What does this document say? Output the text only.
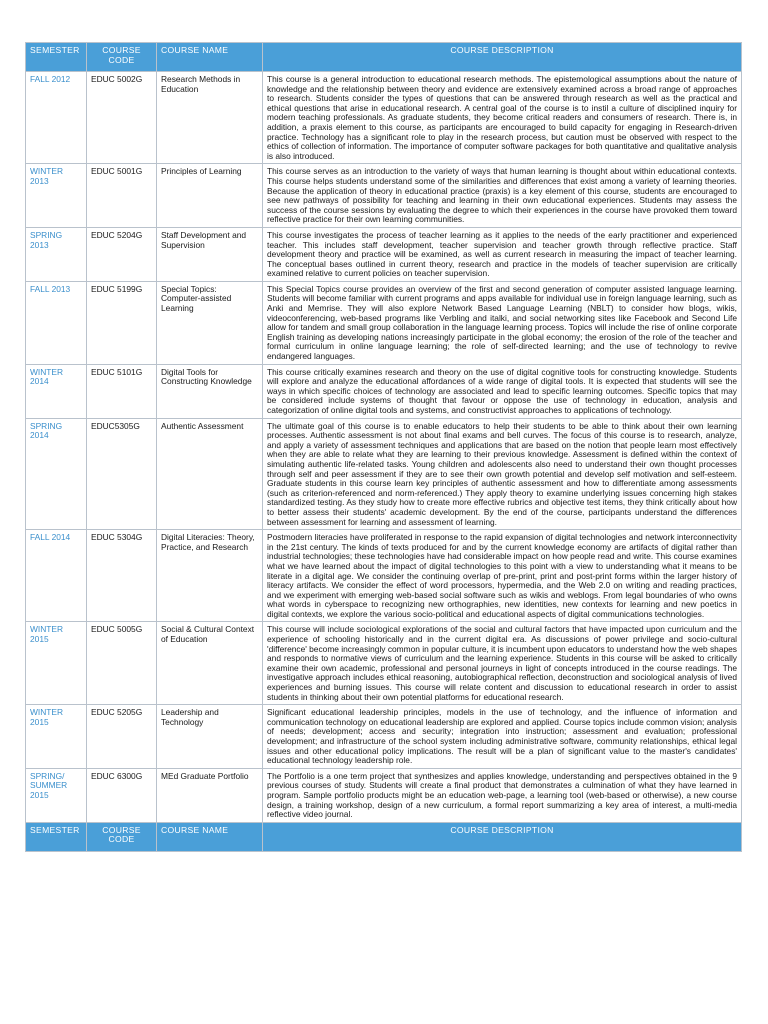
SEMESTER	COURSE CODE	COURSE NAME	COURSE DESCRIPTION
FALL 2012	EDUC 5002G	Research Methods in Education	This course is a general introduction to educational research methods. The epistemological assumptions about the nature of knowledge and the relationship between theory and evidence are extensively examined across a broad range of approaches to research. Students consider the types of questions that can be answered through research as well as the practical and ethical questions that arise in educational research. A central goal of the course is to instil a culture of disciplined inquiry for modern teaching professionals. As graduate students, they become critical readers and consumers of research. There is, in addition, a praxis element to this course, as participants are encouraged to build capacity for engaging in Research-driven practice. Technology has a significant role to play in the research process, but caution must be observed with respect to the ethics of collection of information. The importance of computer software packages for both quantitative and qualitative analysis is also introduced.
WINTER 2013	EDUC 5001G	Principles of Learning	This course serves as an introduction to the variety of ways that human learning is thought about within educational contexts. This course helps students understand some of the similarities and differences that exist among a variety of learning theories. Because the application of theory in educational practice (praxis) is a key element of this course, students are encouraged to see new pathways of possibility for teaching and learning in their own educational experiences. Students may assess the success of the course sessions by evaluating the degree to which their experiences in the course have provoked them toward reflective practice for their own learning communities.
SPRING 2013	EDUC 5204G	Staff Development and Supervision	This course investigates the process of teacher learning as it applies to the needs of the early practitioner and experienced teacher. This includes staff development, teacher supervision and teacher growth through reflective practice. Staff development theory and practice will be examined, as well as current research in measuring the impact of teacher learning. The conceptual bases outlined in current theory, research and practice in the models of teacher supervision are critically examined relative to current policies on teacher supervision.
FALL 2013	EDUC 5199G	Special Topics: Computer-assisted Learning	This Special Topics course provides an overview of the first and second generation of computer assisted language learning. Students will become familiar with current programs and apps available for individual use in foreign language learning, such as Anki and Memrise. They will also explore Network Based Language Learning (NBLT) to consider how blogs, wikis, videoconferencing, web-based programs like Verbling and italki, and social networking sites like Facebook and Second Life allow for tandem and small group collaboration in the language learning process. Topics will include the rise of online corporate English training as developing nations increasingly participate in the global economy; the erosion of the role of the teacher and formal curriculum in online language learning; the role of self-directed learning; and the use of technology to revive endangered languages.
WINTER 2014	EDUC 5101G	Digital Tools for Constructing Knowledge	This course critically examines research and theory on the use of digital cognitive tools for constructing knowledge. Students will explore and analyze the educational affordances of a wide range of digital tools. It is expected that students will see the ways in which specific choices of technology are associated and lead to specific learning outcomes. Specific topics that may be considered include systems of thought that favour or oppose the use of technology in education, analysis and categorization of online digital tools and systems, and constructivist approaches to applications of technology.
SPRING 2014	EDUC5305G	Authentic Assessment	The ultimate goal of this course is to enable educators to help their students to be able to think about their own learning processes. Authentic assessment is not about final exams and bell curves. The focus of this course is to research, analyze, and apply a variety of assessment techniques and applications that are based on the notion that people learn most effectively when they are able to relate what they are learning to their previous knowledge. Assessment is defined within the context of simulating authentic life-related tasks. Young children and adolescents also need to understand their own thought processes through self and peer assessment if they are to see their own growth potential and develop self motivation and self-esteem. Graduate students in this course learn key principles of authentic assessment and how to differentiate among assessments (such as criterion-referenced and norm-referenced.) They apply theory to examine underlying issues concerning high stakes standardized testing. As they study how to create more effective rubrics and objective test items, they think critically about how to better assess their students' academic development. By the end of the course, participants understand the differences between assessment for learning and assessment of learning.
FALL 2014	EDUC 5304G	Digital Literacies: Theory, Practice, and Research	Postmodern literacies have proliferated in response to the rapid expansion of digital technologies and network interconnectivity in the 21st century. The kinds of texts produced for and by the current knowledge economy are artifacts of digital rather than industrial technologies; these technologies have had considerable impact on how people read and write. This course examines what we have learned about the impact of digital technologies to this point with a view to understanding what it means to be literate in a digital age. We consider the continuing overlap of pre-print, print and post-print forms within the larger history of literacy artifacts. We consider the effect of word processors, hypermedia, and the Web 2.0 on writing and reading practices, and we experiment with emerging web-based social software such as wikis and weblogs. From legal boundaries of who owns what words in cyberspace to recognizing new orthographies, new identities, new contexts for learning and new poetics in digital contexts, we explore the various socio-political and educational aspects of digital communications technologies.
WINTER 2015	EDUC 5005G	Social & Cultural Context of Education	This course will include sociological explorations of the social and cultural factors that have impacted upon curriculum and the experience of schooling historically and in the current digital era. As discussions of power privilege and socio-cultural 'difference' become increasingly common in popular culture, it is incumbent upon educators to understand how the web shapes and responds to normative views of curriculum and the learning experience. Students in this course will be asked to critically examine their own academic, professional and personal journeys in light of concepts introduced in the course readings. The investigative approach includes ethical reasoning, autobiographical reflection, deconstruction and sociological analysis of lived experiences and burning issues. This course will relate content and discussion to educational research in order to assist students in thinking about their own potential platforms for educational research.
WINTER 2015	EDUC 5205G	Leadership and Technology	Significant educational leadership principles, models in the use of technology, and the influence of information and communication technology on educational leadership are explored and applied. Course topics include common vision; analysis of needs; development; access and security; integration into instruction; assessment and evaluation; professional development; and infrastructure of the school system including administrative software, community relationships, ethical legal issues and other educational policy implications. The result will be a plan of significant value to the master's candidates' educational technology leadership role.
SPRING/ SUMMER 2015	EDUC 6300G	MEd Graduate Portfolio	The Portfolio is a one term project that synthesizes and applies knowledge, understanding and perspectives obtained in the 9 previous courses of study. Students will create a final product that demonstrates a culmination of what they have learned in program. Sample portfolio products might be an education web-page, a learning tool (web-based or otherwise), a new course design, a training workshop, design of a new curriculum, a formal report summarizing a key area of interest, a multi-media reflective video journal.
SEMESTER	COURSE CODE	COURSE NAME	COURSE DESCRIPTION
